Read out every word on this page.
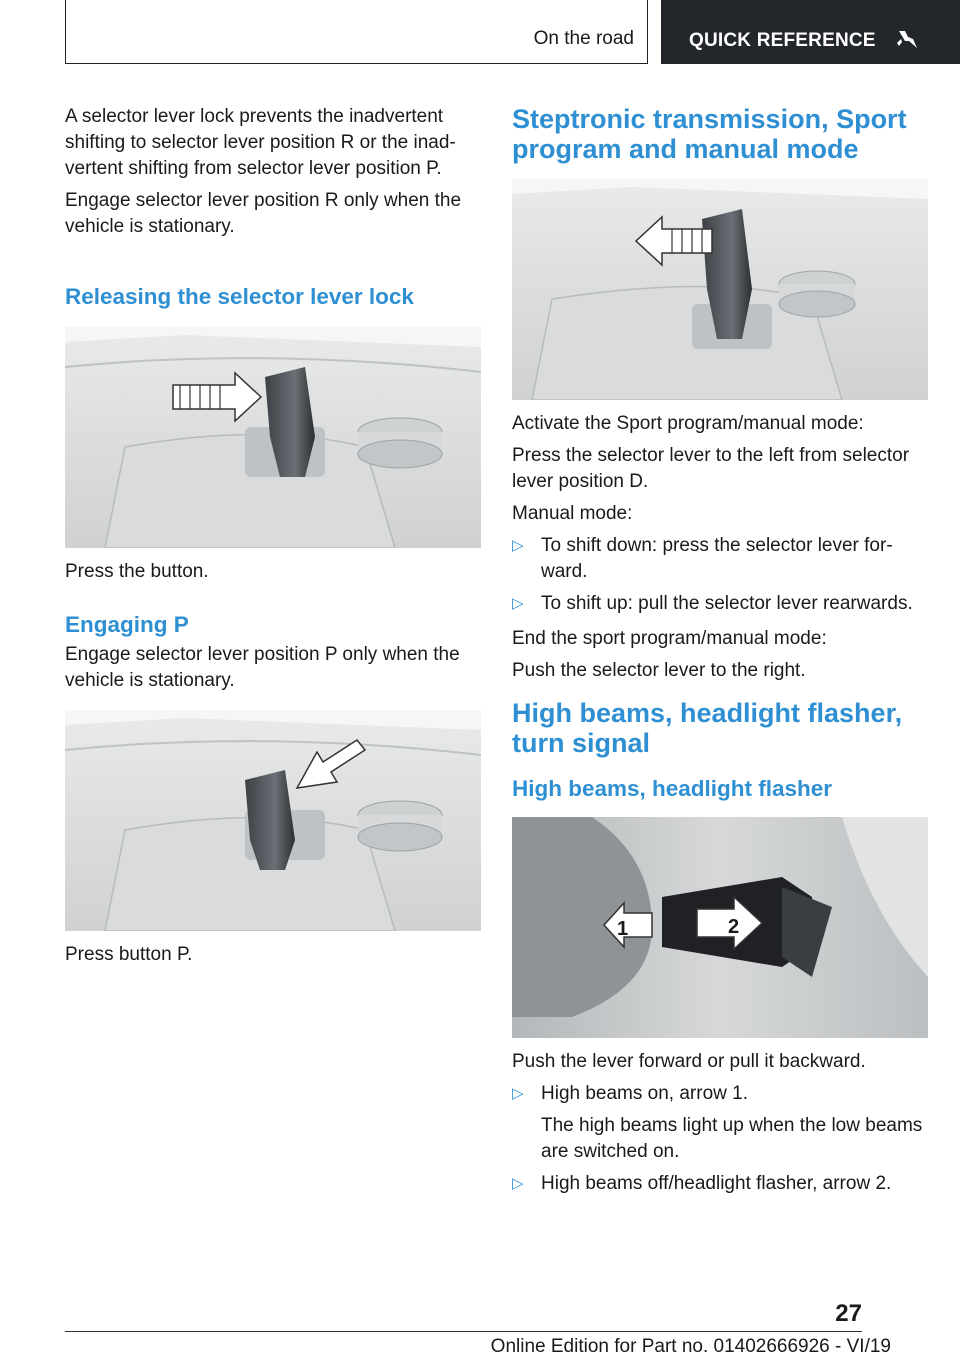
On the road	QUICK REFERENCE

A selector lever lock prevents the inadvertent shifting to selector lever position R or the inad-vertent shifting from selector lever position P.

Engage selector lever position R only when the vehicle is stationary.

Releasing the selector lever lock

Press the button.

Engaging P

Engage selector lever position P only when the vehicle is stationary.

Press button P.

Steptronic transmission, Sport program and manual mode

Activate the Sport program/manual mode:

Press the selector lever to the left from selector lever position D.

Manual mode:

▷ To shift down: press the selector lever for-ward.
▷ To shift up: pull the selector lever rearwards.

End the sport program/manual mode:

Push the selector lever to the right.

High beams, headlight flasher, turn signal
High beams, headlight flasher
1	2

Push the lever forward or pull it backward.

▷ High beams on, arrow 1.
The high beams light up when the low beams are switched on.
▷ High beams off/headlight flasher, arrow 2.
27
Online Edition for Part no. 01402666926 - VI/19
